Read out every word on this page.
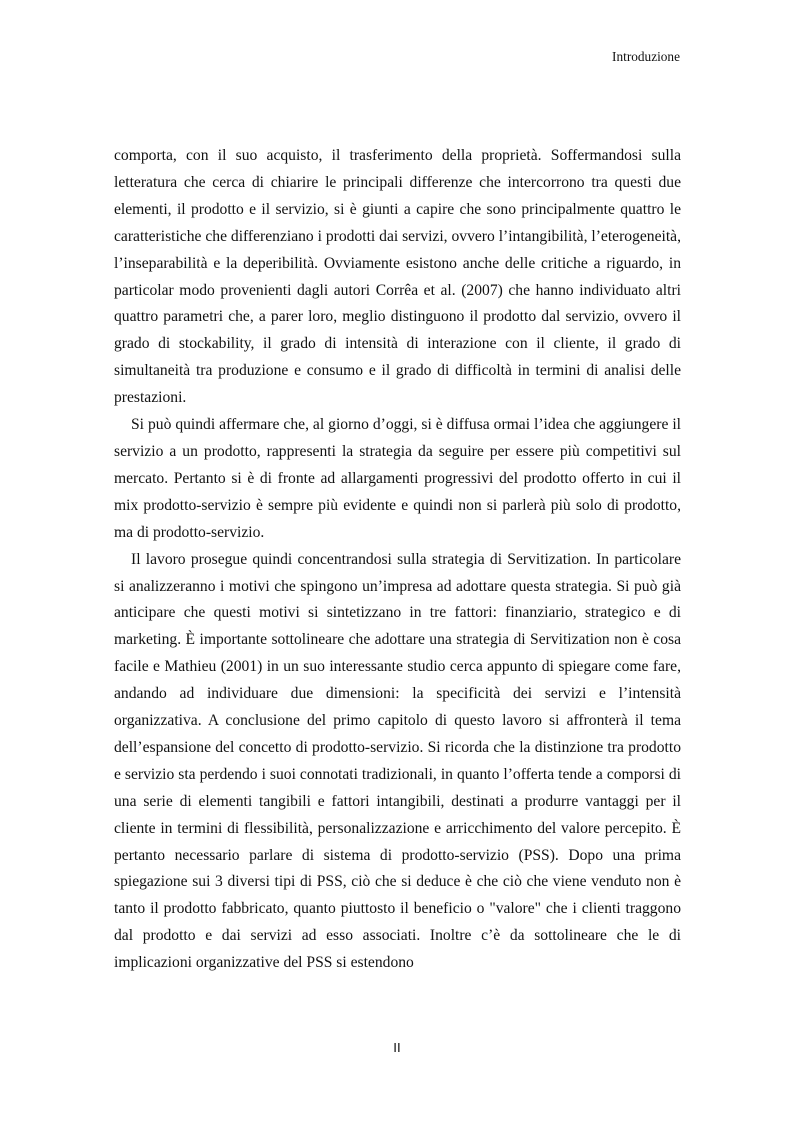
Introduzione

comporta, con il suo acquisto, il trasferimento della proprietà. Soffermandosi sulla letteratura che cerca di chiarire le principali differenze che intercorrono tra questi due elementi, il prodotto e il servizio, si è giunti a capire che sono principalmente quattro le caratteristiche che differenziano i prodotti dai servizi, ovvero l’intangibilità, l’eterogeneità, l’inseparabilità e la deperibilità. Ovviamente esistono anche delle critiche a riguardo, in particolar modo provenienti dagli autori Corrêa et al. (2007) che hanno individuato altri quattro parametri che, a parer loro, meglio distinguono il prodotto dal servizio, ovvero il grado di stockability, il grado di intensità di interazione con il cliente, il grado di simultaneità tra produzione e consumo e il grado di difficoltà in termini di analisi delle prestazioni.

Si può quindi affermare che, al giorno d’oggi, si è diffusa ormai l’idea che aggiungere il servizio a un prodotto, rappresenti la strategia da seguire per essere più competitivi sul mercato. Pertanto si è di fronte ad allargamenti progressivi del prodotto offerto in cui il mix prodotto-servizio è sempre più evidente e quindi non si parlerà più solo di prodotto, ma di prodotto-servizio.

Il lavoro prosegue quindi concentrandosi sulla strategia di Servitization. In particolare si analizzeranno i motivi che spingono un’impresa ad adottare questa strategia. Si può già anticipare che questi motivi si sintetizzano in tre fattori: finanziario, strategico e di marketing. È importante sottolineare che adottare una strategia di Servitization non è cosa facile e Mathieu (2001) in un suo interessante studio cerca appunto di spiegare come fare, andando ad individuare due dimensioni: la specificità dei servizi e l’intensità organizzativa. A conclusione del primo capitolo di questo lavoro si affronterà il tema dell’espansione del concetto di prodotto-servizio. Si ricorda che la distinzione tra prodotto e servizio sta perdendo i suoi connotati tradizionali, in quanto l’offerta tende a comporsi di una serie di elementi tangibili e fattori intangibili, destinati a produrre vantaggi per il cliente in termini di flessibilità, personalizzazione e arricchimento del valore percepito. È pertanto necessario parlare di sistema di prodotto-servizio (PSS). Dopo una prima spiegazione sui 3 diversi tipi di PSS, ciò che si deduce è che ciò che viene venduto non è tanto il prodotto fabbricato, quanto piuttosto il beneficio o "valore" che i clienti traggono dal prodotto e dai servizi ad esso associati. Inoltre c’è da sottolineare che le di implicazioni organizzative del PSS si estendono

II
